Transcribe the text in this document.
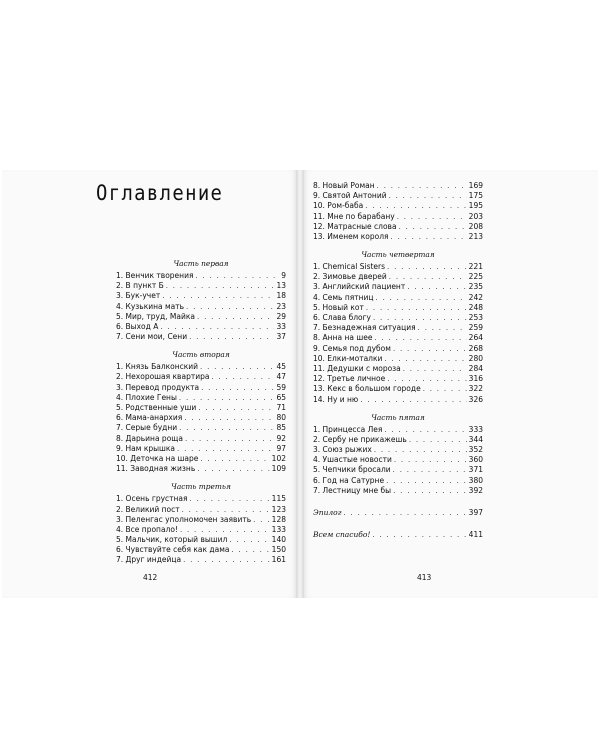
Оглавление
Часть первая
1. Венчик творения . . .	9
2. В пункт Б . . .	13
3. Бук-учет . . .	18
4. Кузькина мать . . .	23
5. Мир, труд, Майка . . .	29
6. Выход А . . .	33
7. Сени мои, Сени . . .	37
Часть вторая
1. Князь Балконский . . .	45
2. Нехорошая квартира . . .	47
3. Перевод продукта . . .	59
4. Плохие Гены . . .	65
5. Родственные уши . . .	71
6. Мама-анархия . . .	80
7. Серые будни . . .	85
8. Дарьина роща . . .	92
9. Нам крышка . . .	97
10. Деточка на шаре . . .	102
11. Заводная жизнь . . .	109
Часть третья
1. Осень грустная . . .	115
2. Великий пост . . .	123
3. Пеленгас уполномочен заявить . . .	128
4. Все пропало! . . .	133
5. Мальчик, который вышил . . .	140
6. Чувствуйте себя как дама . . .	150
7. Друг индейца . . .	161
412
8. Новый Роман . . .	169
9. Святой Антоний . . .	175
10. Ром-баба . . .	195
11. Мне по барабану . . .	203
12. Матрасные слова . . .	208
13. Именем короля . . .	213
Часть четвертая
1. Chemical Sisters . . .	221
2. Зимовье дверей . . .	225
3. Английский пациент . . .	235
4. Семь пятниц . . .	242
5. Новый кот . . .	248
6. Слава блогу . . .	253
7. Безнадежная ситуация . . .	259
8. Анна на шее . . .	264
9. Семья под дубом . . .	268
10. Елки-моталки . . .	280
11. Дедушки с мороза . . .	284
12. Третье личное . . .	316
13. Кекс в большом городе . . .	322
14. Ну и ню . . .	326
Часть пятая
1. Принцесса Лея . . .	333
2. Сербу не прикажешь . . .	344
3. Союз рыжих . . .	352
4. Ушастые новости . . .	360
5. Чепчики бросали . . .	371
6. Год на Сатурне . . .	380
7. Лестницу мне бы . . .	392
Эпилог . . .	397
Всем спасибо! . . .	411
413
